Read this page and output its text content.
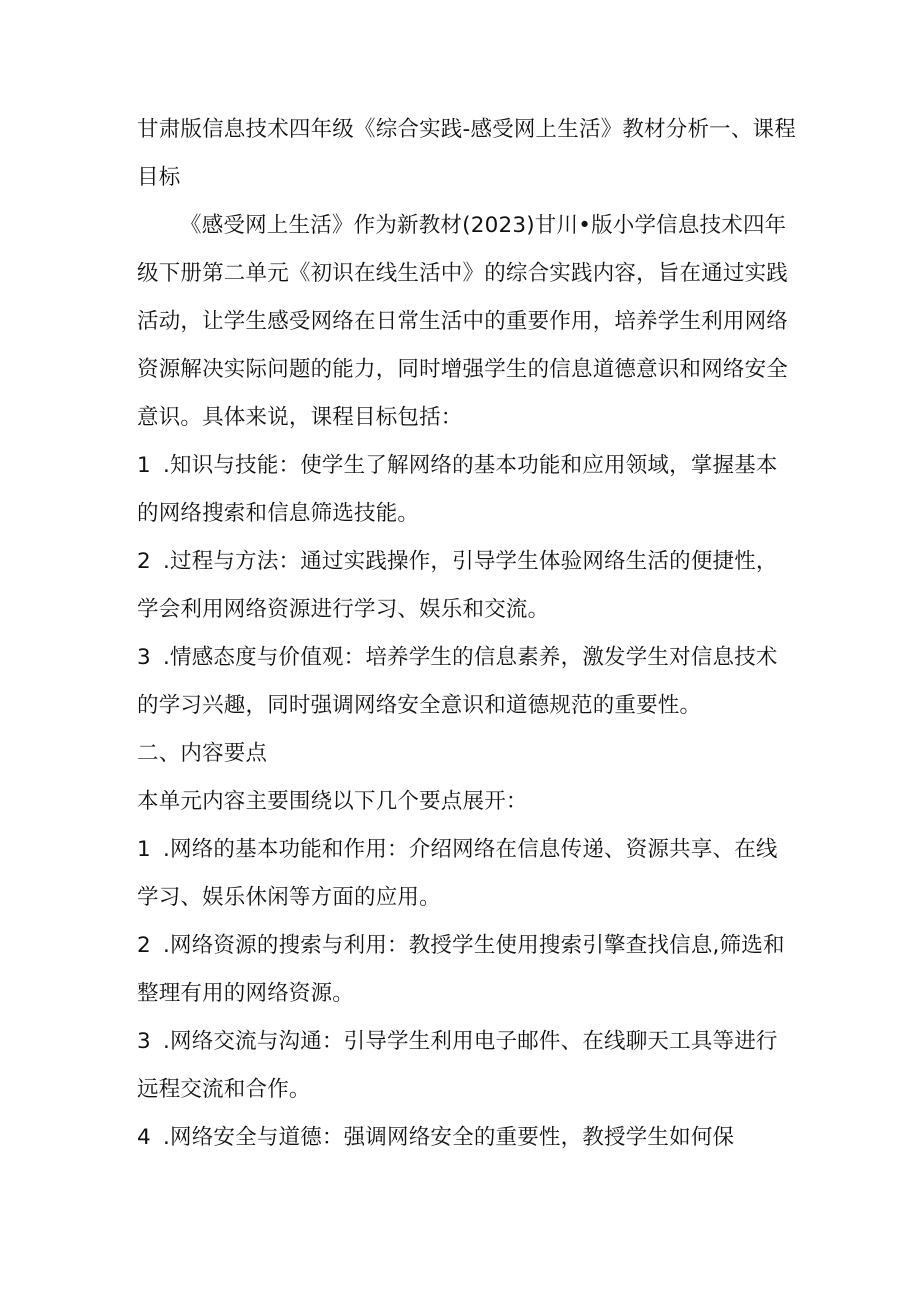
甘肃版信息技术四年级《综合实践-感受网上生活》教材分析一、课程目标
《感受网上生活》作为新教材(2023)甘川•版小学信息技术四年级下册第二单元《初识在线生活中》的综合实践内容，旨在通过实践活动，让学生感受网络在日常生活中的重要作用，培养学生利用网络资源解决实际问题的能力，同时增强学生的信息道德意识和网络安全意识。具体来说，课程目标包括：
1 .知识与技能：使学生了解网络的基本功能和应用领域，掌握基本的网络搜索和信息筛选技能。
2 .过程与方法：通过实践操作，引导学生体验网络生活的便捷性，学会利用网络资源进行学习、娱乐和交流。
3 .情感态度与价值观：培养学生的信息素养，激发学生对信息技术的学习兴趣，同时强调网络安全意识和道德规范的重要性。
二、内容要点
本单元内容主要围绕以下几个要点展开：
1 .网络的基本功能和作用：介绍网络在信息传递、资源共享、在线学习、娱乐休闲等方面的应用。
2 .网络资源的搜索与利用：教授学生使用搜索引擎查找信息,筛选和整理有用的网络资源。
3 .网络交流与沟通：引导学生利用电子邮件、在线聊天工具等进行远程交流和合作。
4 .网络安全与道德：强调网络安全的重要性，教授学生如何保
